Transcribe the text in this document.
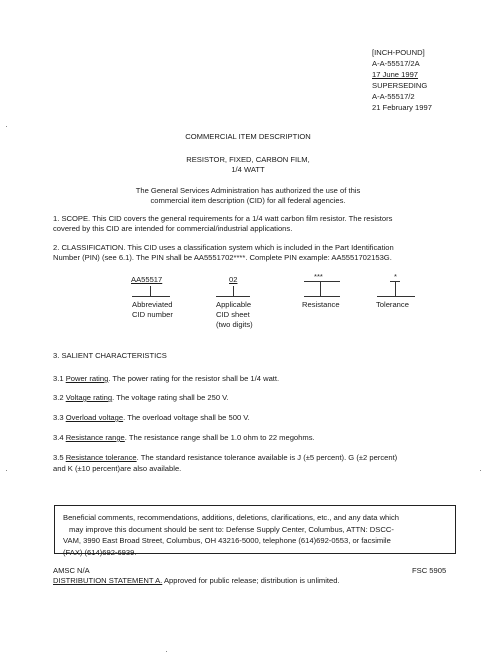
[INCH-POUND]
A-A-55517/2A
17 June 1997
SUPERSEDING
A-A-55517/2
21 February 1997
COMMERCIAL ITEM DESCRIPTION
RESISTOR, FIXED, CARBON FILM,
1/4 WATT
The General Services Administration has authorized the use of this
commercial item description (CID) for all federal agencies.
1. SCOPE. This CID covers the general requirements for a 1/4 watt carbon film resistor. The resistors
covered by this CID are intended for commercial/industrial applications.
2. CLASSIFICATION. This CID uses a classification system which is included in the Part Identification
Number (PIN) (see 6.1). The PIN shall be AA5551702****. Complete PIN example: AA5551702153G.
AA55517
Abbreviated
CID number
02
Applicable
CID sheet
(two digits)
***
Resistance
*
Tolerance
3. SALIENT CHARACTERISTICS
3.1 Power rating. The power rating for the resistor shall be 1/4 watt.
3.2 Voltage rating. The voltage rating shall be 250 V.
3.3 Overload voltage. The overload voltage shall be 500 V.
3.4 Resistance range. The resistance range shall be 1.0 ohm to 22 megohms.
3.5 Resistance tolerance. The standard resistance tolerance available is J (±5 percent). G (±2 percent)
and K (±10 percent)are also available.
Beneficial comments, recommendations, additions, deletions, clarifications, etc., and any data which
may improve this document should be sent to: Defense Supply Center, Columbus, ATTN: DSCC-
VAM, 3990 East Broad Street, Columbus, OH 43216-5000, telephone (614)692-0553, or facsimile
(FAX) (614)692-6939.
AMSC N/A	FSC 5905
DISTRIBUTION STATEMENT A. Approved for public release; distribution is unlimited.
